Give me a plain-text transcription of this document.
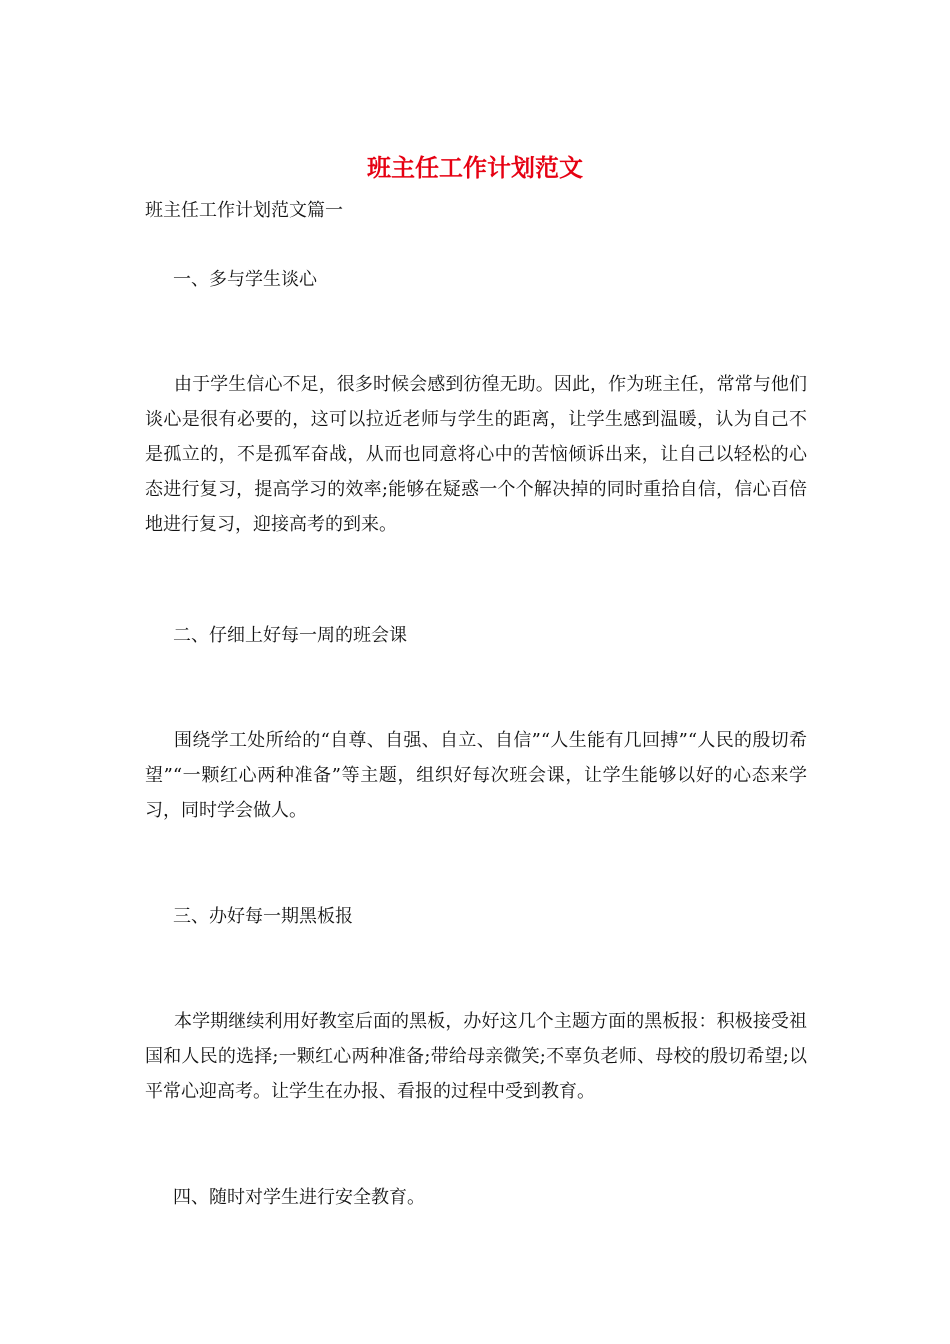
班主任工作计划范文

班主任工作计划范文篇一

一、多与学生谈心

由于学生信心不足，很多时候会感到彷徨无助。因此，作为班主任，常常与他们谈心是很有必要的，这可以拉近老师与学生的距离，让学生感到温暖，认为自己不是孤立的，不是孤军奋战，从而也同意将心中的苦恼倾诉出来，让自己以轻松的心态进行复习，提高学习的效率;能够在疑惑一个个解决掉的同时重拾自信，信心百倍地进行复习，迎接高考的到来。

二、仔细上好每一周的班会课

围绕学工处所给的“自尊、自强、自立、自信”“人生能有几回搏”“人民的殷切希望”“一颗红心两种准备”等主题，组织好每次班会课，让学生能够以好的心态来学习，同时学会做人。

三、办好每一期黑板报

本学期继续利用好教室后面的黑板，办好这几个主题方面的黑板报：积极接受祖国和人民的选择;一颗红心两种准备;带给母亲微笑;不辜负老师、母校的殷切希望;以平常心迎高考。让学生在办报、看报的过程中受到教育。

四、随时对学生进行安全教育。
